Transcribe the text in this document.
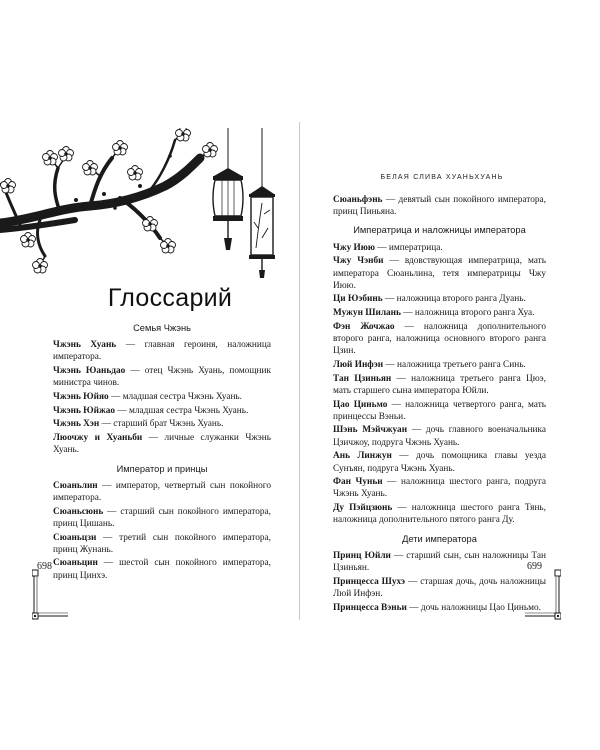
Глоссарий
Семья Чжэнь
Чжэнь Хуань — главная героиня, наложница императора.
Чжэнь Юаньдао — отец Чжэнь Хуань, помощник министра чинов.
Чжэнь Юйяо — младшая сестра Чжэнь Хуань.
Чжэнь Юйжао — младшая сестра Чжэнь Хуань.
Чжэнь Хэн — старший брат Чжэнь Хуань.
Люочжу и Хуаньби — личные служанки Чжэнь Хуань.
Император и принцы
Сюаньлин — император, четвертый сын покойного императора.
Сюаньсюнь — старший сын покойного императора, принц Цишань.
Сюаньцзи — третий сын покойного императора, принц Жунань.
Сюаньцин — шестой сын покойного императора, принц Цинхэ.
698
БЕЛАЯ СЛИВА ХУАНЬХУАНЬ
Сюаньфэнь — девятый сын покойного императора, принц Пиньяна.
Императрица и наложницы императора
Чжу Июю — императрица.
Чжу Чэнби — вдовствующая императрица, мать императора Сюаньлина, тетя императрицы Чжу Июю.
Ци Юэбинь — наложница второго ранга Дуань.
Мужун Шилань — наложница второго ранга Хуа.
Фэн Жочжао — наложница дополнительного второго ранга, наложница основного второго ранга Цзин.
Люй Инфэн — наложница третьего ранга Синь.
Тан Цзиньян — наложница третьего ранга Цюэ, мать старшего сына императора Юйли.
Цао Циньмо — наложница четвертого ранга, мать принцессы Вэньи.
Шэнь Мэйчжуан — дочь главного военачальника Цзичжоу, подруга Чжэнь Хуань.
Ань Линжун — дочь помощника главы уезда Сунъян, подруга Чжэнь Хуань.
Фан Чуньи — наложница шестого ранга, подруга Чжэнь Хуань.
Ду Пэйцзюнь — наложница шестого ранга Тянь, наложница дополнительного пятого ранга Ду.
Дети императора
Принц Юйли — старший сын, сын наложницы Тан Цзиньян.
Принцесса Шухэ — старшая дочь, дочь наложницы Люй Инфэн.
Принцесса Вэньи — дочь наложницы Цао Циньмо.
699
